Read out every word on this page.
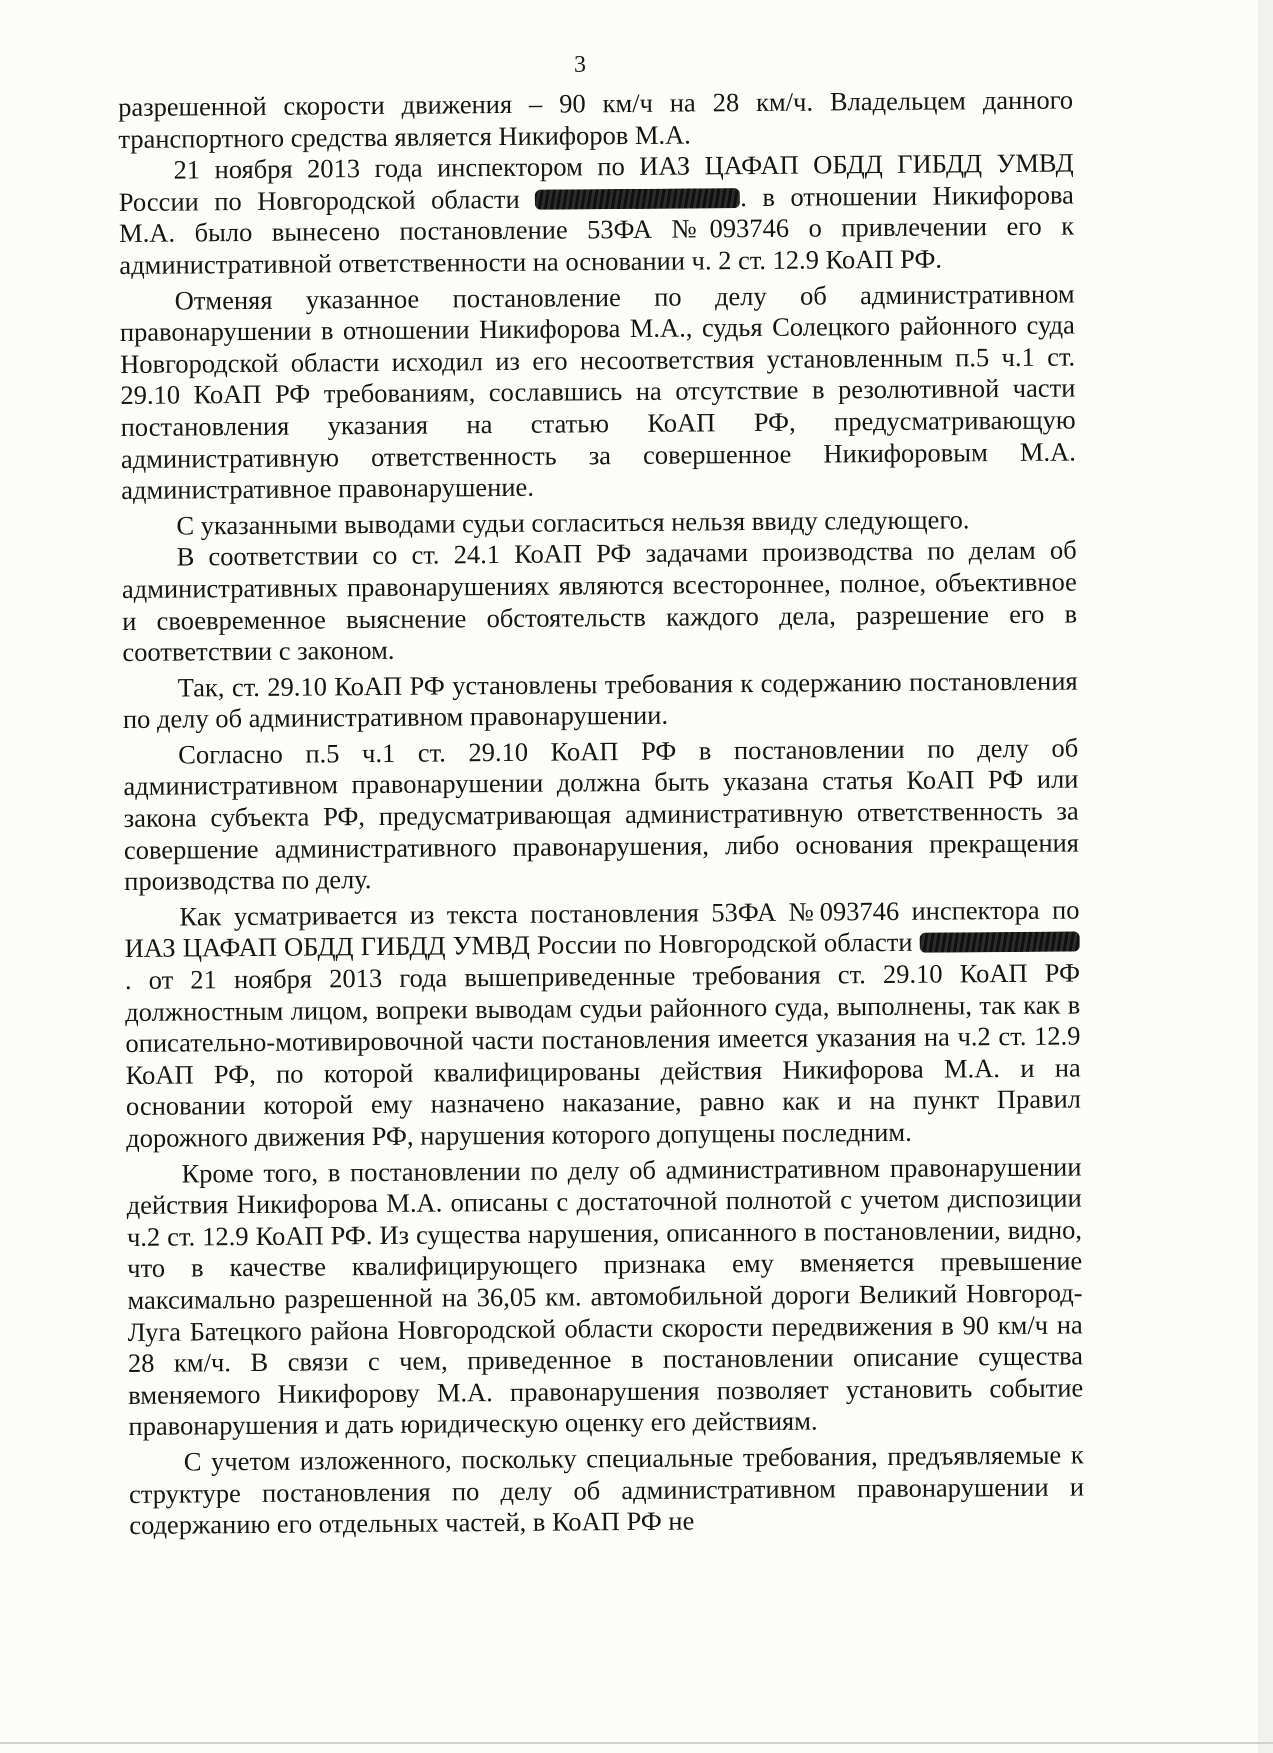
3

разрешенной скорости движения – 90 км/ч на 28 км/ч. Владельцем данного транспортного средства является Никифоров М.А.

21 ноября 2013 года инспектором по ИАЗ ЦАФАП ОБДД ГИБДД УМВД России по Новгородской области	. в отношении Никифорова М.А. было вынесено постановление 53ФА №093746 о привлечении его к административной ответственности на основании ч. 2 ст. 12.9 КоАП РФ.

Отменяя указанное постановление по делу об административном правонарушении в отношении Никифорова М.А., судья Солецкого районного суда Новгородской области исходил из его несоответствия установленным п.5 ч.1 ст. 29.10 КоАП РФ требованиям, сославшись на отсутствие в резолютивной части постановления указания на статью КоАП РФ, предусматривающую административную ответственность за совершенное Никифоровым М.А. административное правонарушение.

С указанными выводами судьи согласиться нельзя ввиду следующего.

В соответствии со ст. 24.1 КоАП РФ задачами производства по делам об административных правонарушениях являются всестороннее, полное, объективное и своевременное выяснение обстоятельств каждого дела, разрешение его в соответствии с законом.

Так, ст. 29.10 КоАП РФ установлены требования к содержанию постановления по делу об административном правонарушении.

Согласно п.5 ч.1 ст. 29.10 КоАП РФ в постановлении по делу об административном правонарушении должна быть указана статья КоАП РФ или закона субъекта РФ, предусматривающая административную ответственность за совершение административного правонарушения, либо основания прекращения производства по делу.

Как усматривается из текста постановления 53ФА №093746 инспектора по ИАЗ ЦАФАП ОБДД ГИБДД УМВД России по Новгородской области . от 21 ноября 2013 года вышеприведенные требования ст. 29.10 КоАП РФ должностным лицом, вопреки выводам судьи районного суда, выполнены, так как в описательно-мотивировочной части постановления имеется указания на ч.2 ст. 12.9 КоАП РФ, по которой квалифицированы действия Никифорова М.А. и на основании которой ему назначено наказание, равно как и на пункт Правил дорожного движения РФ, нарушения которого допущены последним.

Кроме того, в постановлении по делу об административном правонарушении действия Никифорова М.А. описаны с достаточной полнотой с учетом диспозиции ч.2 ст. 12.9 КоАП РФ. Из существа нарушения, описанного в постановлении, видно, что в качестве квалифицирующего признака ему вменяется превышение максимально разрешенной на 36,05 км. автомобильной дороги Великий Новгород-Луга Батецкого района Новгородской области скорости передвижения в 90 км/ч на 28 км/ч. В связи с чем, приведенное в постановлении описание существа вменяемого Никифорову М.А. правонарушения позволяет установить событие правонарушения и дать юридическую оценку его действиям.

С учетом изложенного, поскольку специальные требования, предъявляемые к структуре постановления по делу об административном правонарушении и содержанию его отдельных частей, в КоАП РФ не
